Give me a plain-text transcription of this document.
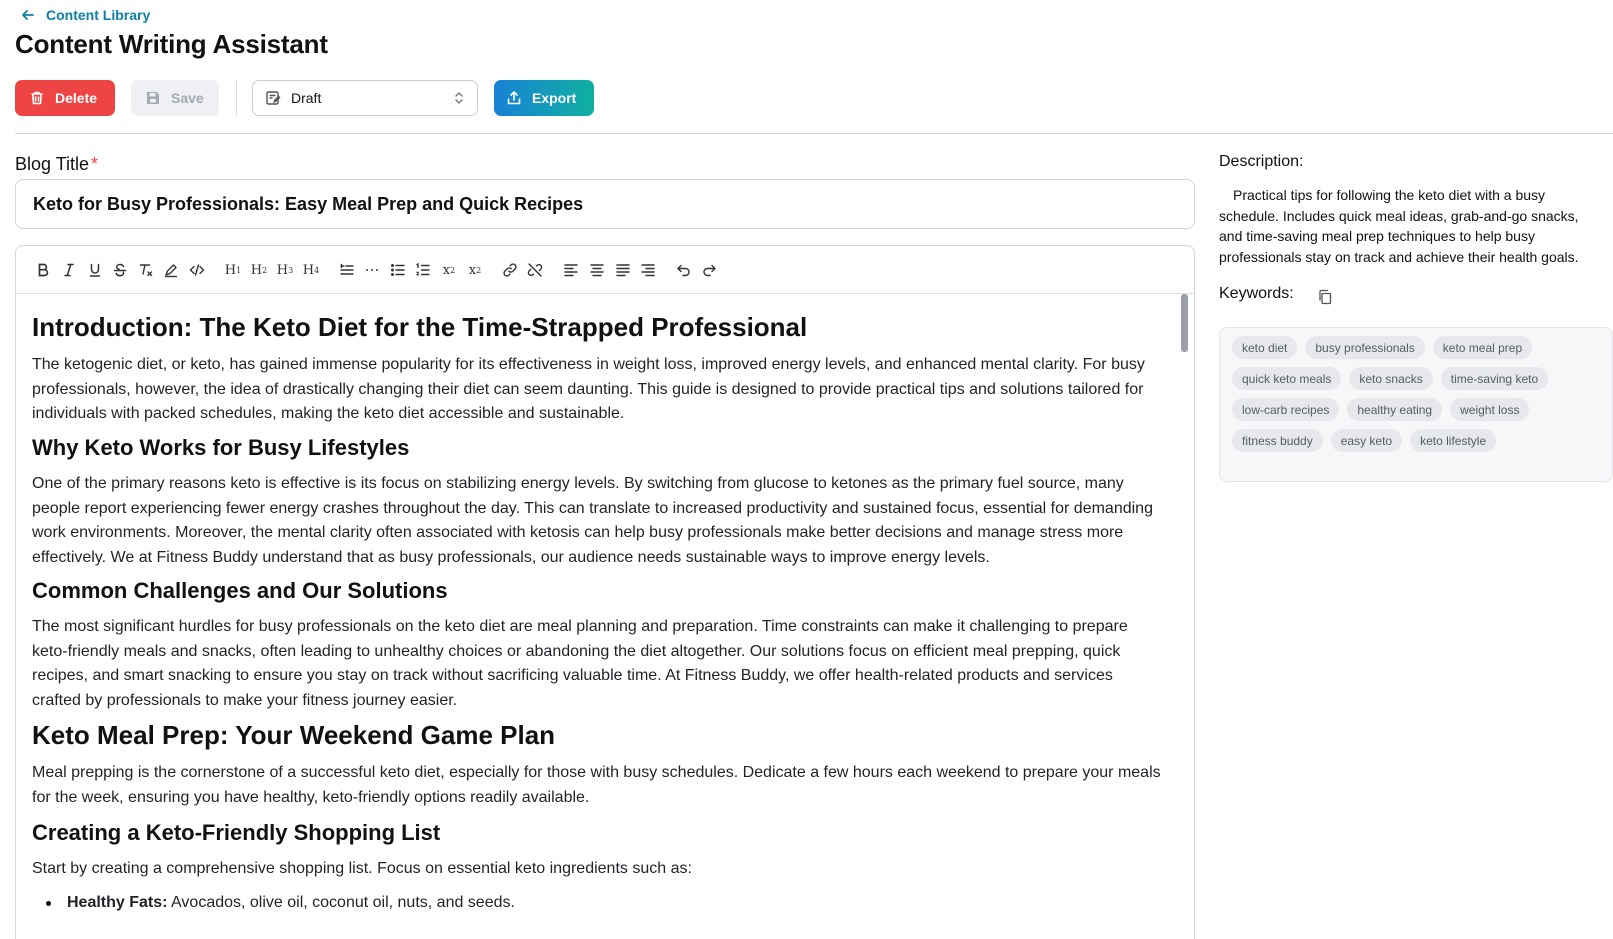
Content Library
Content Writing Assistant
Delete	Save	Draft	Export
Blog Title *
Keto for Busy Professionals: Easy Meal Prep and Quick Recipes
H 1 H 2 H 3 H 4	x 2 x 2
Introduction: The Keto Diet for the Time-Strapped Professional

The ketogenic diet, or keto, has gained immense popularity for its effectiveness in weight loss, improved energy levels, and enhanced mental clarity. For busy professionals, however, the idea of drastically changing their diet can seem daunting. This guide is designed to provide practical tips and solutions tailored for individuals with packed schedules, making the keto diet accessible and sustainable.

Why Keto Works for Busy Lifestyles

One of the primary reasons keto is effective is its focus on stabilizing energy levels. By switching from glucose to ketones as the primary fuel source, many people report experiencing fewer energy crashes throughout the day. This can translate to increased productivity and sustained focus, essential for demanding work environments. Moreover, the mental clarity often associated with ketosis can help busy professionals make better decisions and manage stress more effectively. We at Fitness Buddy understand that as busy professionals, our audience needs sustainable ways to improve energy levels.

Common Challenges and Our Solutions

The most significant hurdles for busy professionals on the keto diet are meal planning and preparation. Time constraints can make it challenging to prepare keto-friendly meals and snacks, often leading to unhealthy choices or abandoning the diet altogether. Our solutions focus on efficient meal prepping, quick recipes, and smart snacking to ensure you stay on track without sacrificing valuable time. At Fitness Buddy, we offer health-related products and services crafted by professionals to make your fitness journey easier.

Keto Meal Prep: Your Weekend Game Plan

Meal prepping is the cornerstone of a successful keto diet, especially for those with busy schedules. Dedicate a few hours each weekend to prepare your meals for the week, ensuring you have healthy, keto-friendly options readily available.

Creating a Keto-Friendly Shopping List

Start by creating a comprehensive shopping list. Focus on essential keto ingredients such as:

Healthy Fats: Avocados, olive oil, coconut oil, nuts, and seeds.
Description:
Practical tips for following the keto diet with a busy schedule. Includes quick meal ideas, grab-and-go snacks, and time-saving meal prep techniques to help busy professionals stay on track and achieve their health goals.
Keywords:
keto diet	busy professionals	keto meal prep
quick keto meals	keto snacks	time-saving keto
low-carb recipes	healthy eating	weight loss
fitness buddy	easy keto	keto lifestyle
